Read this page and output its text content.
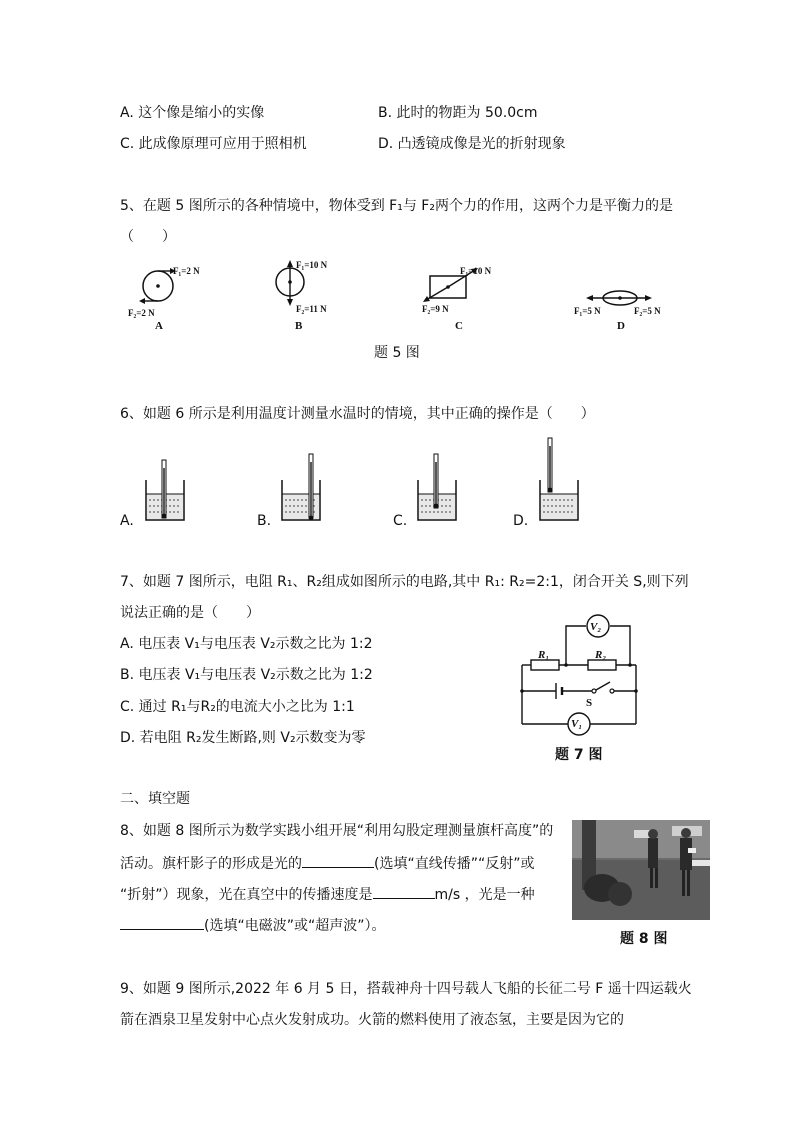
A. 这个像是缩小的实像	B. 此时的物距为 50.0cm
C. 此成像原理可应用于照相机	D. 凸透镜成像是光的折射现象
5、在题 5 图所示的各种情境中，物体受到 F₁与 F₂两个力的作用，这两个力是平衡力的是
（　　）
F₁=2 N
F₂=2 N
A
F₁=10 N
F₂=11 N
B
F₁=10 N
F₂=9 N
C
F₁=5 N	F₂=5 N
D
题 5 图
6、如题 6 所示是利用温度计测量水温时的情境，其中正确的操作是（　　）
A.	B.	C.	D.
7、如题 7 图所示，电阻 R₁、R₂组成如图所示的电路,其中 R₁: R₂=2:1，闭合开关 S,则下列
说法正确的是（　　）
A. 电压表 V₁与电压表 V₂示数之比为 1:2
B. 电压表 V₁与电压表 V₂示数之比为 1:2
C. 通过 R₁与R₂的电流大小之比为 1:1
D. 若电阻 R₂发生断路,则 V₂示数变为零
V₂
R₁	R₂
S
V₁
题 7 图
二、填空题
8、如题 8 图所示为数学实践小组开展“利用勾股定理测量旗杆高度”的
活动。旗杆影子的形成是光的	(选填“直线传播”“反射”或
“折射”）现象，光在真空中的传播速度是	m/s ，光是一种
(选填“电磁波”或“超声波”）。
题 8 图
9、如题 9 图所示,2022 年 6 月 5 日，搭载神舟十四号载人飞船的长征二号 F 遥十四运载火
箭在酒泉卫星发射中心点火发射成功。火箭的燃料使用了液态氢，主要是因为它的
